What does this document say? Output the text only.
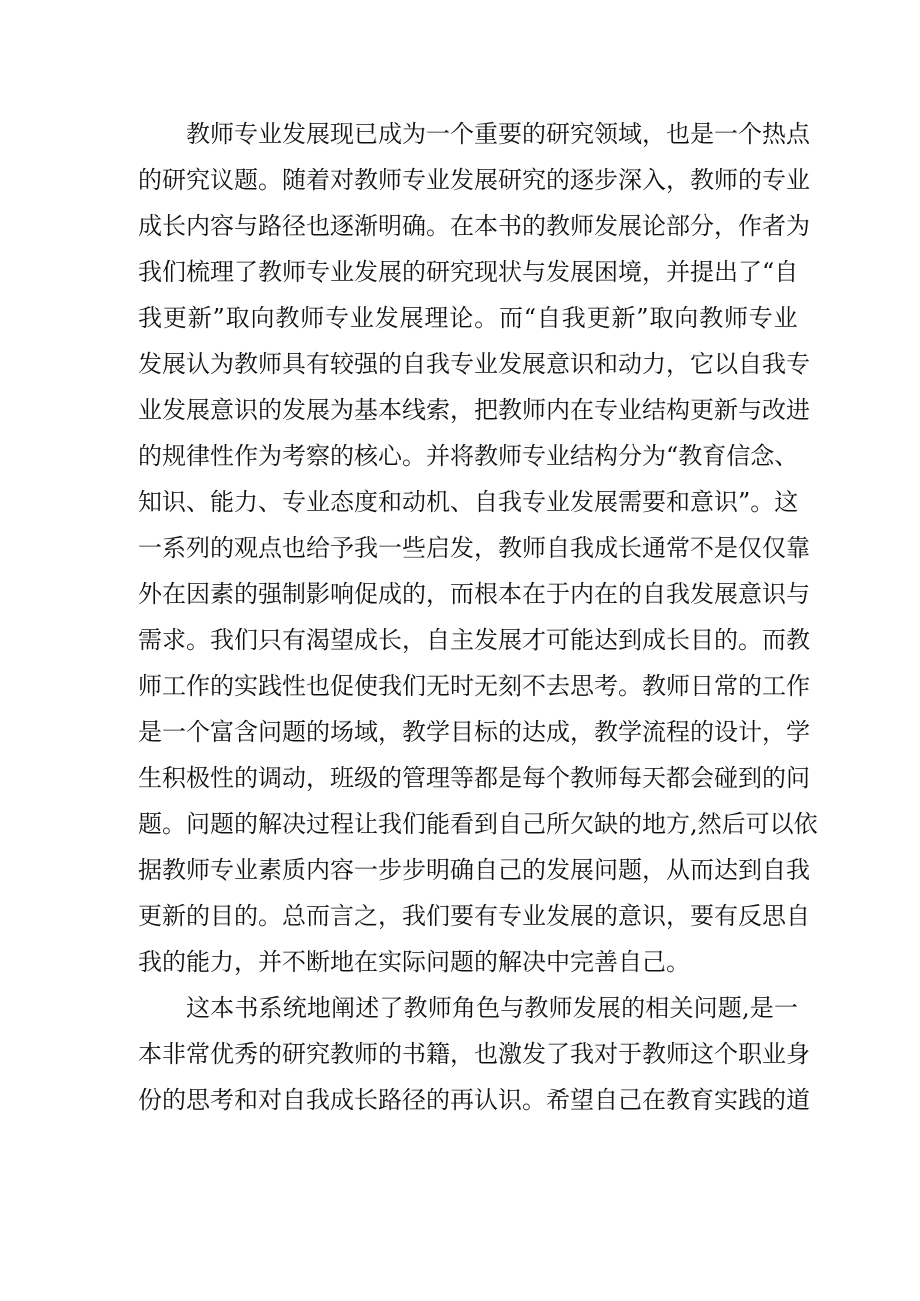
教 师 专 业 发 展 现 已 成 为 一 个 重 要 的 研 究 领 域 ， 也 是 一 个 热 点
的 研 究 议 题 。 随 着 对 教 师 专 业 发 展 研 究 的 逐 步 深 入 ， 教 师 的 专 业
成 长 内 容 与 路 径 也 逐 渐 明 确 。 在 本 书 的 教 师 发 展 论 部 分 ， 作 者 为
我 们 梳 理 了 教 师 专 业 发 展 的 研 究 现 状 与 发 展 困 境 ， 并 提 出 了 “ 自
我 更 新 ” 取 向 教 师 专 业 发 展 理 论 。 而 “ 自 我 更 新 ” 取 向 教 师 专 业
发 展 认 为 教 师 具 有 较 强 的 自 我 专 业 发 展 意 识 和 动 力 ， 它 以 自 我 专
业 发 展 意 识 的 发 展 为 基 本 线 索 ， 把 教 师 内 在 专 业 结 构 更 新 与 改 进
的 规 律 性 作 为 考 察 的 核 心 。 并 将 教 师 专 业 结 构 分 为 “ 教 育 信 念 、
知 识 、 能 力 、 专 业 态 度 和 动 机 、 自 我 专 业 发 展 需 要 和 意 识 ” 。 这
一 系 列 的 观 点 也 给 予 我 一 些 启 发 ， 教 师 自 我 成 长 通 常 不 是 仅 仅 靠
外 在 因 素 的 强 制 影 响 促 成 的 ， 而 根 本 在 于 内 在 的 自 我 发 展 意 识 与
需 求 。 我 们 只 有 渴 望 成 长 ， 自 主 发 展 才 可 能 达 到 成 长 目 的 。 而 教
师 工 作 的 实 践 性 也 促 使 我 们 无 时 无 刻 不 去 思 考 。 教 师 日 常 的 工 作
是 一 个 富 含 问 题 的 场 域 ， 教 学 目 标 的 达 成 ， 教 学 流 程 的 设 计 ， 学
生 积 极 性 的 调 动 ， 班 级 的 管 理 等 都 是 每 个 教 师 每 天 都 会 碰 到 的 问
题 。 问 题 的 解 决 过 程 让 我 们 能 看 到 自 己 所 欠 缺 的 地 方 , 然 后 可 以 依
据 教 师 专 业 素 质 内 容 一 步 步 明 确 自 己 的 发 展 问 题 ， 从 而 达 到 自 我
更 新 的 目 的 。 总 而 言 之 ， 我 们 要 有 专 业 发 展 的 意 识 ， 要 有 反 思 自
我的能力，并不断地在实际问题的解决中完善自己。
这 本 书 系 统 地 阐 述 了 教 师 角 色 与 教 师 发 展 的 相 关 问 题 , 是 一
本 非 常 优 秀 的 研 究 教 师 的 书 籍 ， 也 激 发 了 我 对 于 教 师 这 个 职 业 身
份 的 思 考 和 对 自 我 成 长 路 径 的 再 认 识 。 希 望 自 己 在 教 育 实 践 的 道
